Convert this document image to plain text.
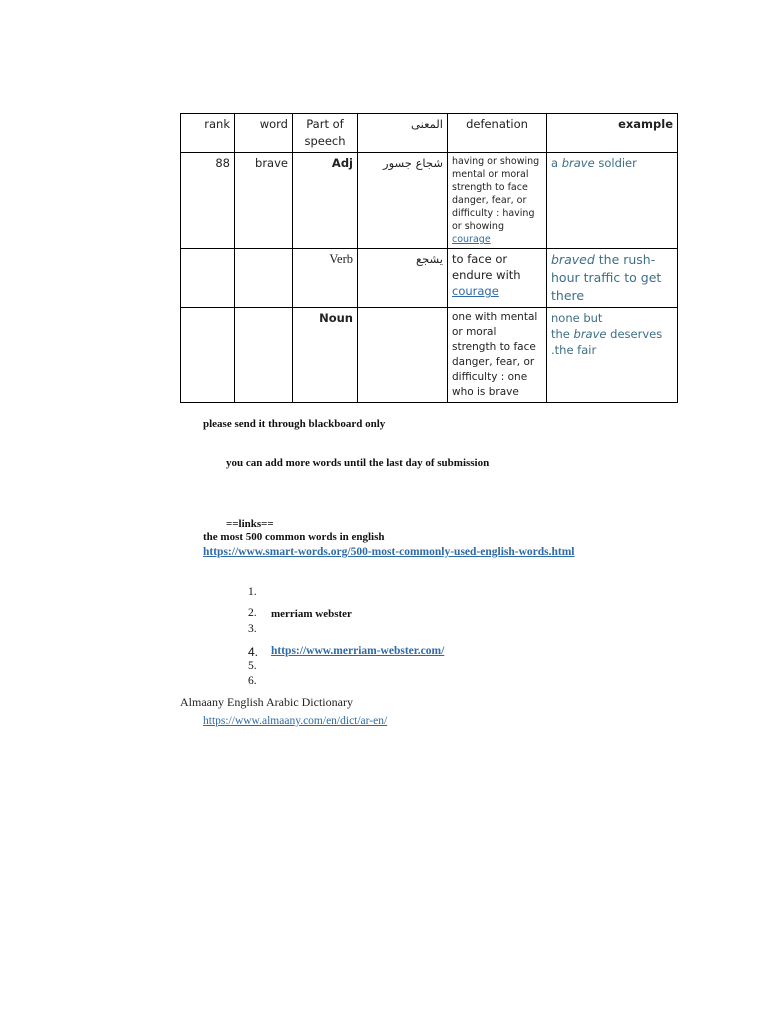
rank	word	Part of speech	المعنى	defenation	example
88	brave	Adj	شجاع جسور	having or showing mental or moral strength to face danger, fear, or difficulty : having or showing courage	a brave soldier
		Verb	يشجع	to face or endure with courage	braved the rush-hour traffic to get there
		Noun		one with mental or moral strength to face danger, fear, or difficulty : one who is brave	none but
the brave deserves
.the fair
please send it through blackboard only
you can add more words until the last day of submission
==links==
the most 500 common words in english
https://www.smart-words.org/500-most-commonly-used-english-words.html
1.
2. merriam webster
3.
4. https://www.merriam-webster.com/
5.
6.
Almaany English Arabic Dictionary
https://www.almaany.com/en/dict/ar-en/
